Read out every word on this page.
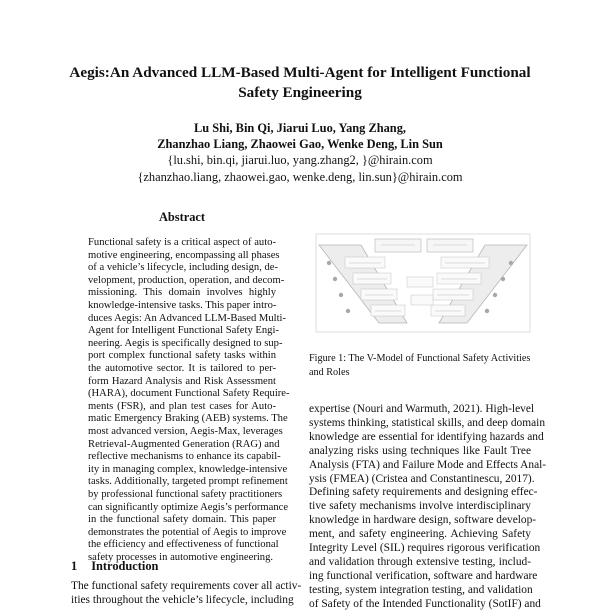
Aegis:An Advanced LLM-Based Multi-Agent for Intelligent Functional
Safety Engineering
Lu Shi, Bin Qi, Jiarui Luo, Yang Zhang,
Zhanzhao Liang, Zhaowei Gao, Wenke Deng, Lin Sun
{lu.shi, bin.qi, jiarui.luo, yang.zhang2, }@hirain.com
{zhanzhao.liang, zhaowei.gao, wenke.deng, lin.sun}@hirain.com
Abstract
Functional safety is a critical aspect of auto-
motive engineering, encompassing all phases
of a vehicle’s lifecycle, including design, de-
velopment, production, operation, and decom-
missioning. This domain involves highly
knowledge-intensive tasks. This paper intro-
duces Aegis: An Advanced LLM-Based Multi-
Agent for Intelligent Functional Safety Engi-
neering. Aegis is specifically designed to sup-
port complex functional safety tasks within
the automotive sector. It is tailored to per-
form Hazard Analysis and Risk Assessment
(HARA), document Functional Safety Require-
ments (FSR), and plan test cases for Auto-
matic Emergency Braking (AEB) systems. The
most advanced version, Aegis-Max, leverages
Retrieval-Augmented Generation (RAG) and
reflective mechanisms to enhance its capabil-
ity in managing complex, knowledge-intensive
tasks. Additionally, targeted prompt refinement
by professional functional safety practitioners
can significantly optimize Aegis’s performance
in the functional safety domain. This paper
demonstrates the potential of Aegis to improve
the efficiency and effectiveness of functional
safety processes in automotive engineering.
1 Introduction
The functional safety requirements cover all activ-
ities throughout the vehicle’s lifecycle, including
Figure 1: The V-Model of Functional Safety Activities and Roles
expertise (Nouri and Warmuth, 2021). High-level
systems thinking, statistical skills, and deep domain
knowledge are essential for identifying hazards and
analyzing risks using techniques like Fault Tree
Analysis (FTA) and Failure Mode and Effects Anal-
ysis (FMEA) (Cristea and Constantinescu, 2017).
Defining safety requirements and designing effec-
tive safety mechanisms involve interdisciplinary
knowledge in hardware design, software develop-
ment, and safety engineering. Achieving Safety
Integrity Level (SIL) requires rigorous verification
and validation through extensive testing, includ-
ing functional verification, software and hardware
testing, system integration testing, and validation
of Safety of the Intended Functionality (SotIF) and
